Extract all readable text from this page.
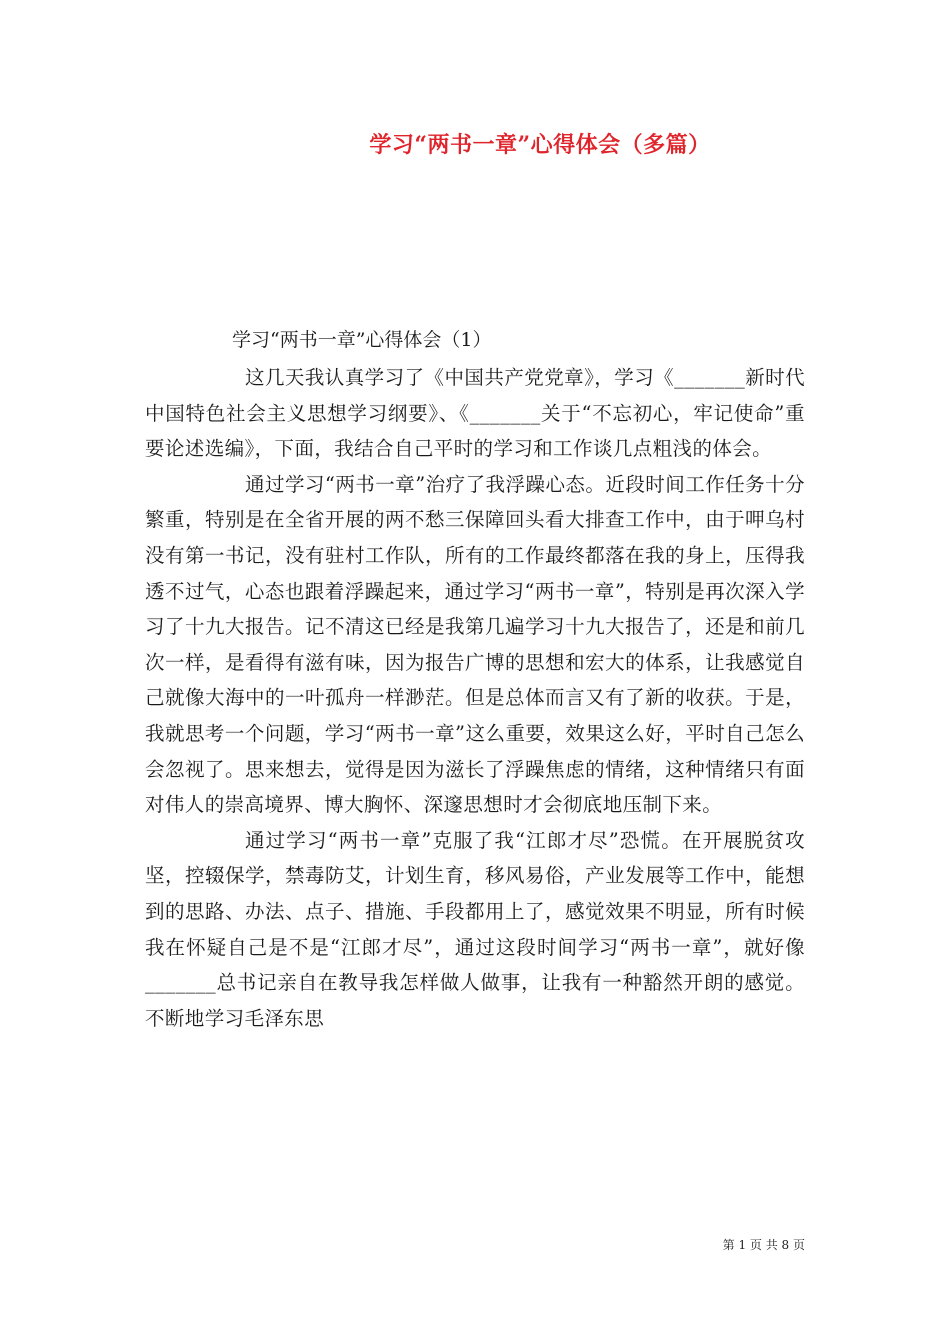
学习“两书一章”心得体会（多篇）
学习“两书一章”心得体会（1）

这几天我认真学习了《中国共产党党章》，学习《_______新时代中国特色社会主义思想学习纲要》、《_______关于“不忘初心，牢记使命”重要论述选编》，下面，我结合自己平时的学习和工作谈几点粗浅的体会。

通过学习“两书一章”治疗了我浮躁心态。近段时间工作任务十分繁重，特别是在全省开展的两不愁三保障回头看大排查工作中，由于呷乌村没有第一书记，没有驻村工作队，所有的工作最终都落在我的身上，压得我透不过气，心态也跟着浮躁起来，通过学习“两书一章”，特别是再次深入学习了十九大报告。记不清这已经是我第几遍学习十九大报告了，还是和前几次一样，是看得有滋有味，因为报告广博的思想和宏大的体系，让我感觉自己就像大海中的一叶孤舟一样渺茫。但是总体而言又有了新的收获。于是，我就思考一个问题，学习“两书一章”这么重要，效果这么好，平时自己怎么会忽视了。思来想去，觉得是因为滋长了浮躁焦虑的情绪，这种情绪只有面对伟人的崇高境界、博大胸怀、深邃思想时才会彻底地压制下来。

通过学习“两书一章”克服了我“江郎才尽”恐慌。在开展脱贫攻坚，控辍保学，禁毒防艾，计划生育，移风易俗，产业发展等工作中，能想到的思路、办法、点子、措施、手段都用上了，感觉效果不明显，所有时候我在怀疑自己是不是“江郎才尽”，通过这段时间学习“两书一章”，就好像_______总书记亲自在教导我怎样做人做事，让我有一种豁然开朗的感觉。不断地学习毛泽东思

第 1 页 共 8 页
